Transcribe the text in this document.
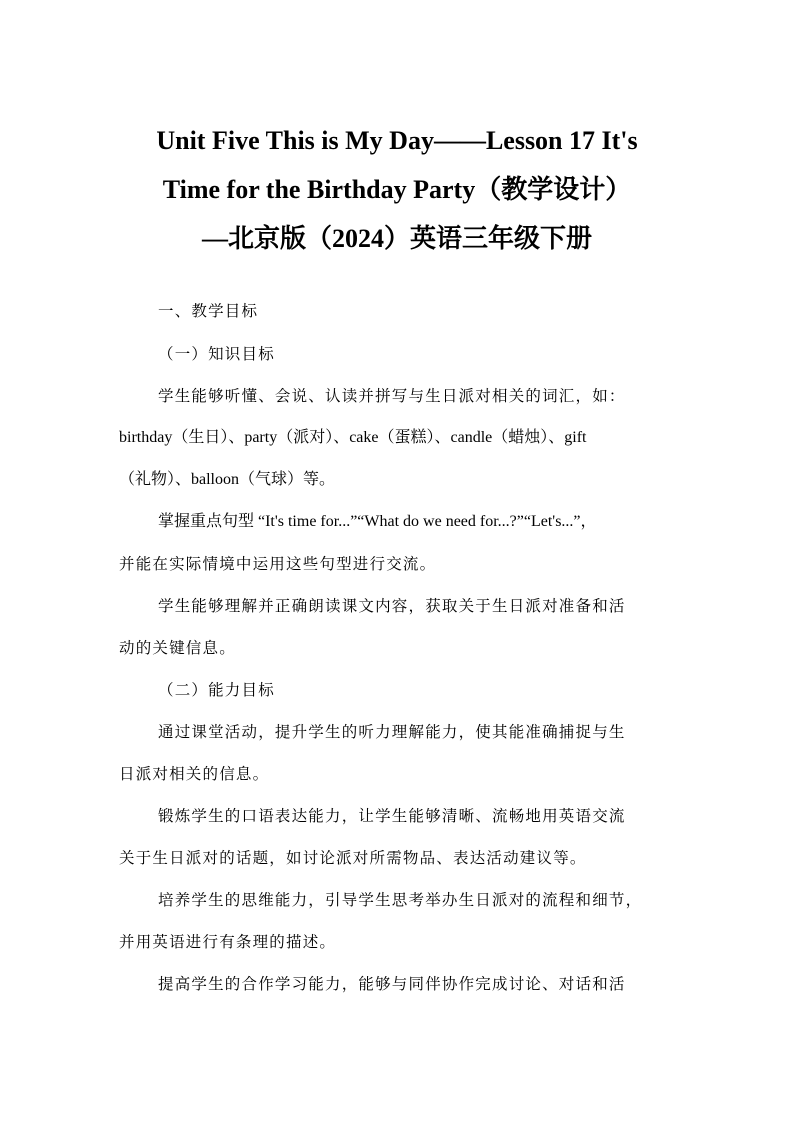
Unit Five This is My Day——Lesson 17 It's
Time for the Birthday Party（教学设计）
—北京版（2024）英语三年级下册
一、教学目标
（一）知识目标
学生能够听懂、会说、认读并拼写与生日派对相关的词汇，如：
birthday（生日）、party（派对）、cake（蛋糕）、candle（蜡烛）、gift
（礼物）、balloon（气球）等。
掌握重点句型 “It's time for...”“What do we need for...?”“Let's...”，
并能在实际情境中运用这些句型进行交流。
学生能够理解并正确朗读课文内容，获取关于生日派对准备和活
动的关键信息。
（二）能力目标
通过课堂活动，提升学生的听力理解能力，使其能准确捕捉与生
日派对相关的信息。
锻炼学生的口语表达能力，让学生能够清晰、流畅地用英语交流
关于生日派对的话题，如讨论派对所需物品、表达活动建议等。
培养学生的思维能力，引导学生思考举办生日派对的流程和细节，
并用英语进行有条理的描述。
提高学生的合作学习能力，能够与同伴协作完成讨论、对话和活
